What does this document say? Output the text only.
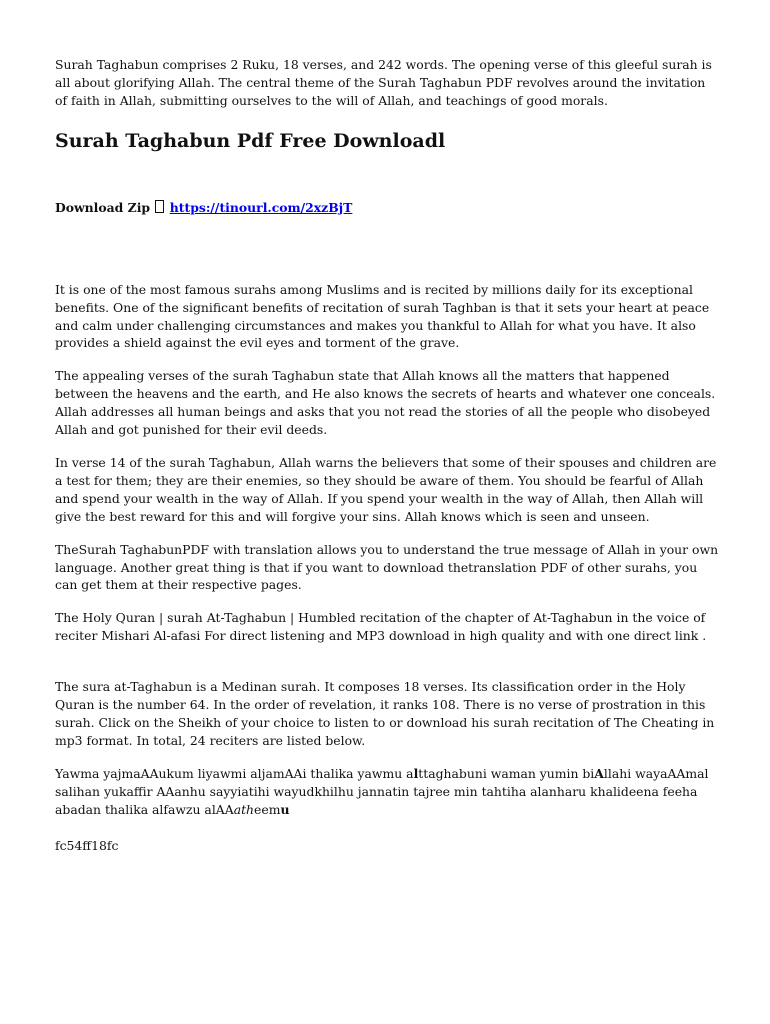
Surah Taghabun comprises 2 Ruku, 18 verses, and 242 words. The opening verse of this gleeful surah is all about glorifying Allah. The central theme of the Surah Taghabun PDF revolves around the invitation of faith in Allah, submitting ourselves to the will of Allah, and teachings of good morals.

Surah Taghabun Pdf Free Downloadl
Download Zip https://tinourl.com/2xzBjT

It is one of the most famous surahs among Muslims and is recited by millions daily for its exceptional benefits. One of the significant benefits of recitation of surah Taghban is that it sets your heart at peace and calm under challenging circumstances and makes you thankful to Allah for what you have. It also provides a shield against the evil eyes and torment of the grave.

The appealing verses of the surah Taghabun state that Allah knows all the matters that happened between the heavens and the earth, and He also knows the secrets of hearts and whatever one conceals. Allah addresses all human beings and asks that you not read the stories of all the people who disobeyed Allah and got punished for their evil deeds.

In verse 14 of the surah Taghabun, Allah warns the believers that some of their spouses and children are a test for them; they are their enemies, so they should be aware of them. You should be fearful of Allah and spend your wealth in the way of Allah. If you spend your wealth in the way of Allah, then Allah will give the best reward for this and will forgive your sins. Allah knows which is seen and unseen.

TheSurah TaghabunPDF with translation allows you to understand the true message of Allah in your own language. Another great thing is that if you want to download thetranslation PDF of other surahs, you can get them at their respective pages.

The Holy Quran | surah At-Taghabun | Humbled recitation of the chapter of At-Taghabun in the voice of reciter Mishari Al-afasi For direct listening and MP3 download in high quality and with one direct link .

The sura at-Taghabun is a Medinan surah. It composes 18 verses. Its classification order in the Holy Quran is the number 64. In the order of revelation, it ranks 108. There is no verse of prostration in this surah. Click on the Sheikh of your choice to listen to or download his surah recitation of The Cheating in mp3 format. In total, 24 reciters are listed below.

Yawma yajmaAAukum liyawmi aljamAAi thalika yawmu alttaghabuni waman yumin biAllahi wayaAAmal salihan yukaffir AAanhu sayyiatihi wayudkhilhu jannatin tajree min tahtiha alanharu khalideena feeha abadan thalika alfawzu alAAatheemu

fc54ff18fc
